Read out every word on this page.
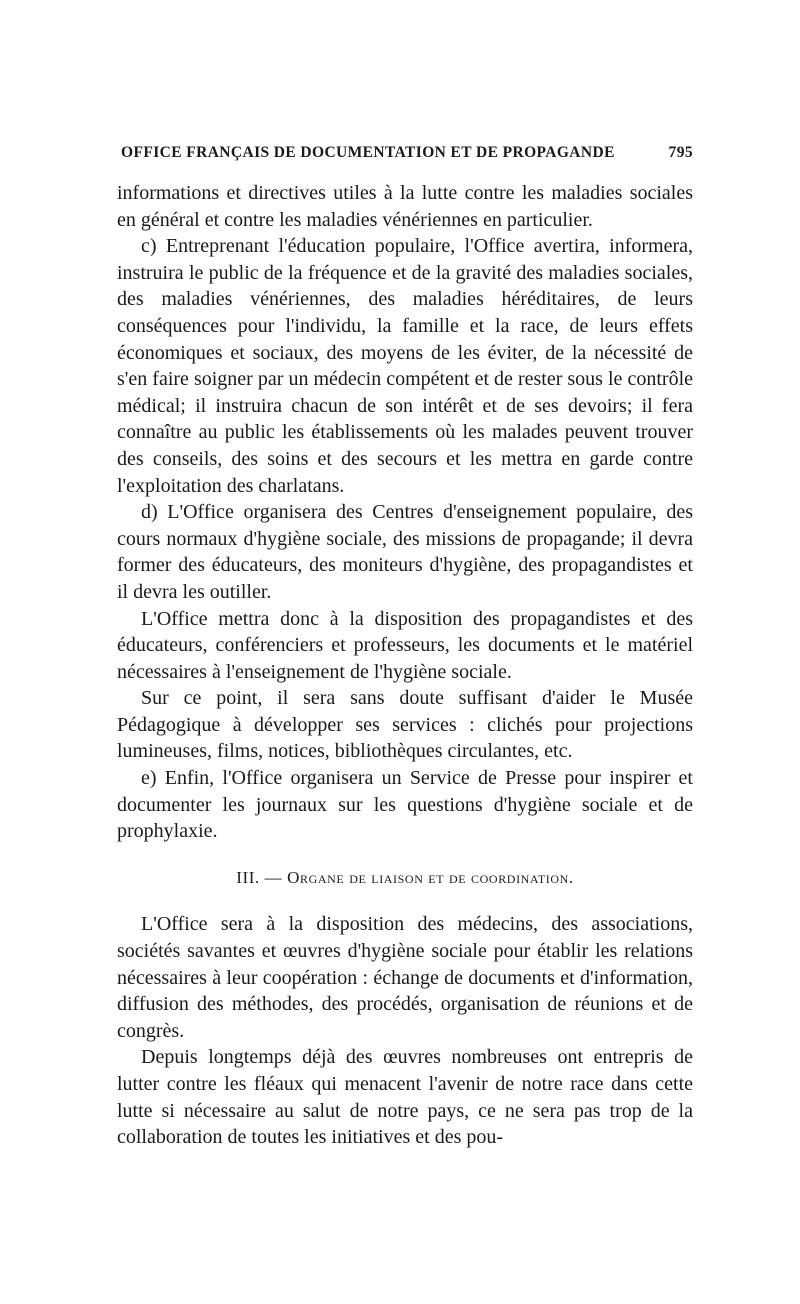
OFFICE FRANÇAIS DE DOCUMENTATION ET DE PROPAGANDE	795

informations et directives utiles à la lutte contre les maladies sociales en général et contre les maladies vénériennes en particulier.

c) Entreprenant l'éducation populaire, l'Office avertira, informera, instruira le public de la fréquence et de la gravité des maladies sociales, des maladies vénériennes, des maladies héréditaires, de leurs conséquences pour l'individu, la famille et la race, de leurs effets économiques et sociaux, des moyens de les éviter, de la nécessité de s'en faire soigner par un médecin compétent et de rester sous le contrôle médical; il instruira chacun de son intérêt et de ses devoirs; il fera connaître au public les établissements où les malades peuvent trouver des conseils, des soins et des secours et les mettra en garde contre l'exploitation des charlatans.

d) L'Office organisera des Centres d'enseignement populaire, des cours normaux d'hygiène sociale, des missions de propagande; il devra former des éducateurs, des moniteurs d'hygiène, des propagandistes et il devra les outiller.

L'Office mettra donc à la disposition des propagandistes et des éducateurs, conférenciers et professeurs, les documents et le matériel nécessaires à l'enseignement de l'hygiène sociale.

Sur ce point, il sera sans doute suffisant d'aider le Musée Pédagogique à développer ses services : clichés pour projections lumineuses, films, notices, bibliothèques circulantes, etc.

e) Enfin, l'Office organisera un Service de Presse pour inspirer et documenter les journaux sur les questions d'hygiène sociale et de prophylaxie.

III. — Organe de liaison et de coordination.

L'Office sera à la disposition des médecins, des associations, sociétés savantes et œuvres d'hygiène sociale pour établir les relations nécessaires à leur coopération : échange de documents et d'information, diffusion des méthodes, des procédés, organisation de réunions et de congrès.

Depuis longtemps déjà des œuvres nombreuses ont entrepris de lutter contre les fléaux qui menacent l'avenir de notre race dans cette lutte si nécessaire au salut de notre pays, ce ne sera pas trop de la collaboration de toutes les initiatives et des pou-
